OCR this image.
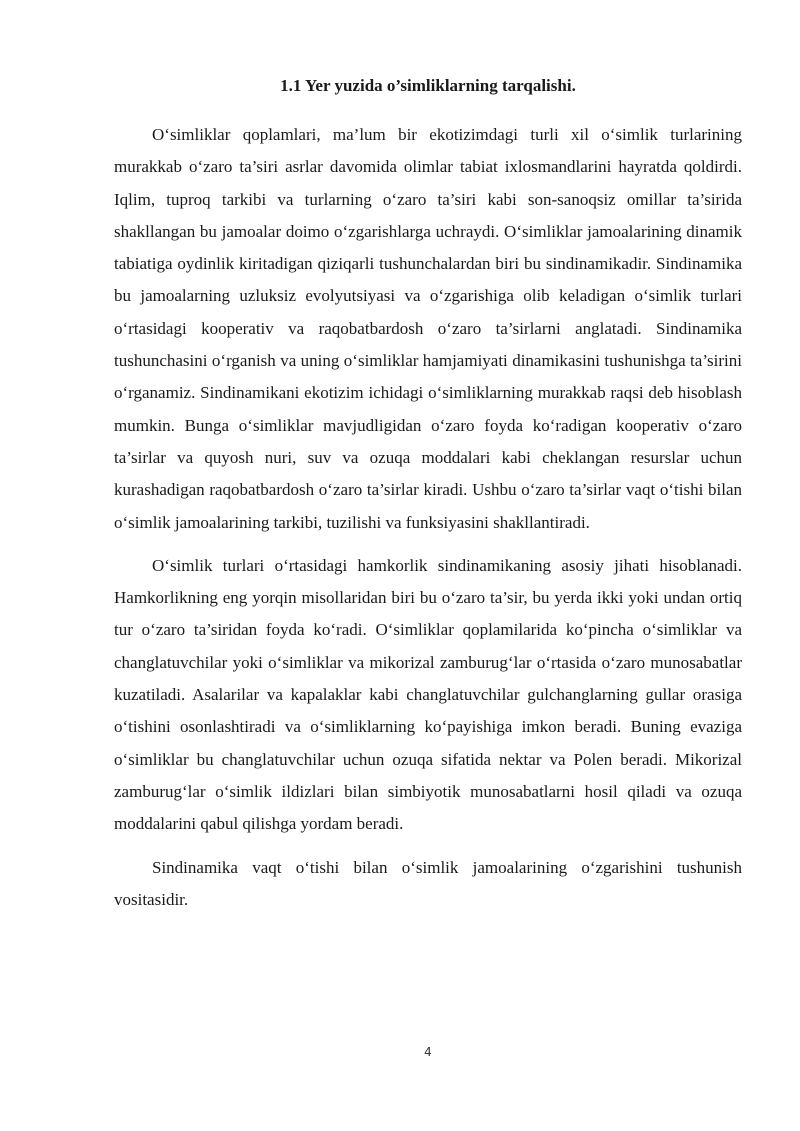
1.1 Yer yuzida o’simliklarning tarqalishi.

O‘simliklar qoplamlari, ma’lum bir ekotizimdagi turli xil o‘simlik turlarining murakkab o‘zaro ta’siri asrlar davomida olimlar tabiat ixlosmandlarini hayratda qoldirdi. Iqlim, tuproq tarkibi va turlarning o‘zaro ta’siri kabi son-sanoqsiz omillar ta’sirida shakllangan bu jamoalar doimo o‘zgarishlarga uchraydi. O‘simliklar jamoalarining dinamik tabiatiga oydinlik kiritadigan qiziqarli tushunchalardan biri bu sindinamikadir. Sindinamika bu jamoalarning uzluksiz evolyutsiyasi va o‘zgarishiga olib keladigan o‘simlik turlari o‘rtasidagi kooperativ va raqobatbardosh o‘zaro ta’sirlarni anglatadi. Sindinamika tushunchasini o‘rganish va uning o‘simliklar hamjamiyati dinamikasini tushunishga ta’sirini o‘rganamiz. Sindinamikani ekotizim ichidagi o‘simliklarning murakkab raqsi deb hisoblash mumkin. Bunga o‘simliklar mavjudligidan o‘zaro foyda ko‘radigan kooperativ o‘zaro ta’sirlar va quyosh nuri, suv va ozuqa moddalari kabi cheklangan resurslar uchun kurashadigan raqobatbardosh o‘zaro ta’sirlar kiradi. Ushbu o‘zaro ta’sirlar vaqt o‘tishi bilan o‘simlik jamoalarining tarkibi, tuzilishi va funksiyasini shakllantiradi.

O‘simlik turlari o‘rtasidagi hamkorlik sindinamikaning asosiy jihati hisoblanadi. Hamkorlikning eng yorqin misollaridan biri bu o‘zaro ta’sir, bu yerda ikki yoki undan ortiq tur o‘zaro ta’siridan foyda ko‘radi. O‘simliklar qoplamilarida ko‘pincha o‘simliklar va changlatuvchilar yoki o‘simliklar va mikorizal zamburug‘lar o‘rtasida o‘zaro munosabatlar kuzatiladi. Asalarilar va kapalaklar kabi changlatuvchilar gulchanglarning gullar orasiga o‘tishini osonlashtiradi va o‘simliklarning ko‘payishiga imkon beradi. Buning evaziga o‘simliklar bu changlatuvchilar uchun ozuqa sifatida nektar va Polen beradi. Mikorizal zamburug‘lar o‘simlik ildizlari bilan simbiyotik munosabatlarni hosil qiladi va ozuqa moddalarini qabul qilishga yordam beradi.

Sindinamika vaqt o‘tishi bilan o‘simlik jamoalarining o‘zgarishini tushunish vositasidir.

4
